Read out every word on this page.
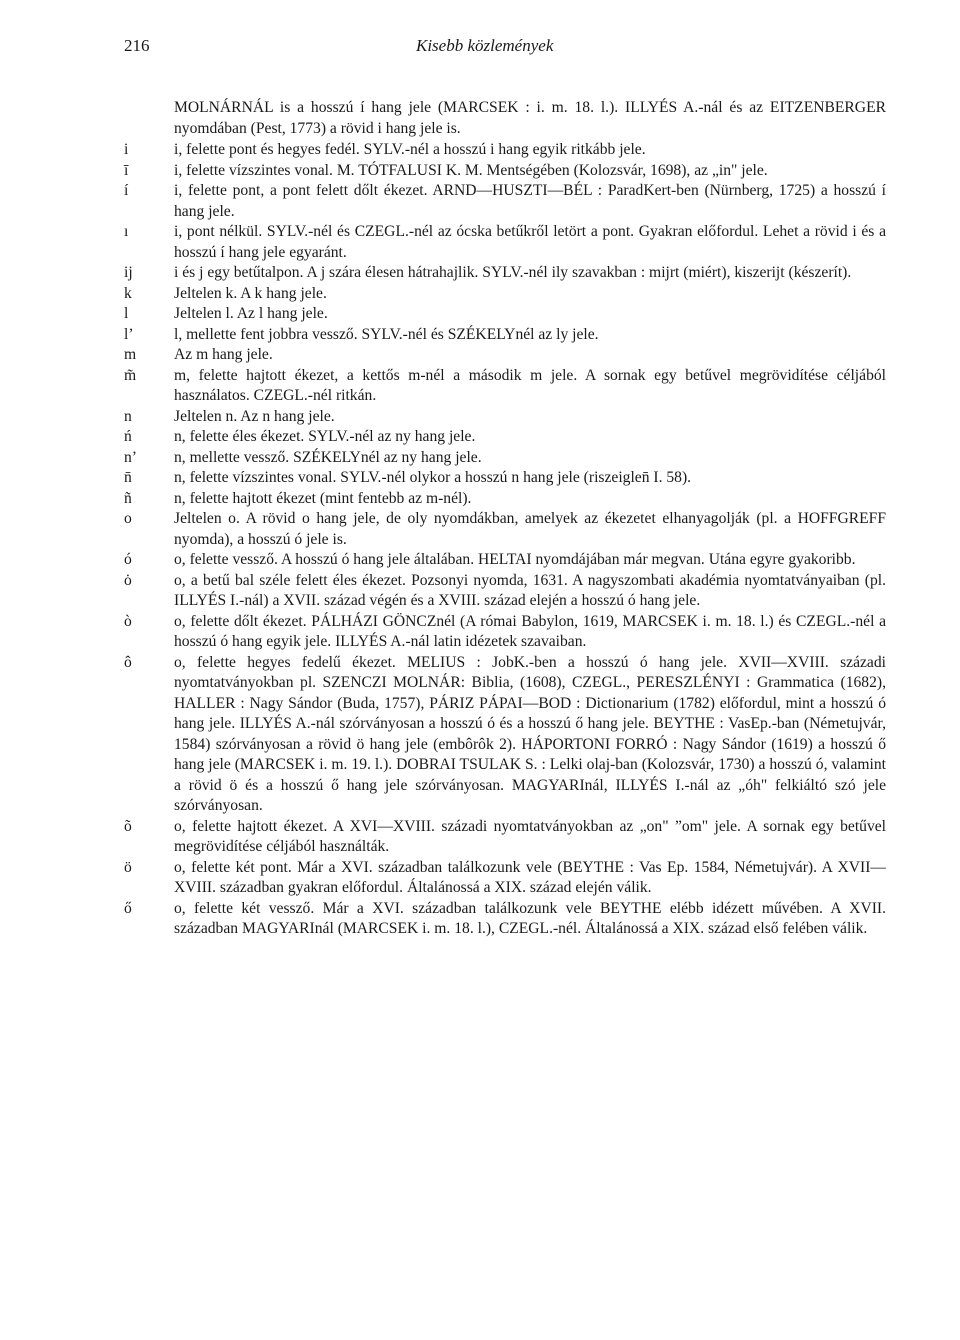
216	Kisebb közlemények
MOLNÁRNÁL is a hosszú í hang jele (MARCSEK : i. m. 18. l.). ILLYÉS A.-nál és az EITZENBERGER nyomdában (Pest, 1773) a rövid i hang jele is.
i	i, felette pont és hegyes fedél. SYLV.-nél a hosszú i hang egyik ritkább jele.
ī	i, felette vízszintes vonal. M. TÓTFALUSI K. M. Mentségében (Kolozsvár, 1698), az „in" jele.
í	i, felette pont, a pont felett dőlt ékezet. ARND—HUSZTI—BÉL : ParadKert-ben (Nürnberg, 1725) a hosszú í hang jele.
ı	i, pont nélkül. SYLV.-nél és CZEGL.-nél az ócska betűkről letört a pont. Gyakran előfordul. Lehet a rövid i és a hosszú í hang jele egyaránt.
ij	i és j egy betűtalpon. A j szára élesen hátrahajlik. SYLV.-nél ily szavakban : mijrt (miért), kiszerijt (készerít).
k	Jeltelen k. A k hang jele.
l	Jeltelen l. Az l hang jele.
l’	l, mellette fent jobbra vessző. SYLV.-nél és SZÉKELYnél az ly jele.
m	Az m hang jele.
m̃	m, felette hajtott ékezet, a kettős m-nél a második m jele. A sornak egy betűvel megrövidítése céljából használatos. CZEGL.-nél ritkán.
n	Jeltelen n. Az n hang jele.
ń	n, felette éles ékezet. SYLV.-nél az ny hang jele.
n’	n, mellette vessző. SZÉKELYnél az ny hang jele.
n̄	n, felette vízszintes vonal. SYLV.-nél olykor a hosszú n hang jele (riszeiglen̄ I. 58).
ñ	n, felette hajtott ékezet (mint fentebb az m-nél).
o	Jeltelen o. A rövid o hang jele, de oly nyomdákban, amelyek az ékezetet elhanyagolják (pl. a HOFFGREFF nyomda), a hosszú ó jele is.
ó	o, felette vessző. A hosszú ó hang jele általában. HELTAI nyomdájában már megvan. Utána egyre gyakoribb.
ȯ	o, a betű bal széle felett éles ékezet. Pozsonyi nyomda, 1631. A nagyszombati akadémia nyomtatványaiban (pl. ILLYÉS I.-nál) a XVII. század végén és a XVIII. század elején a hosszú ó hang jele.
ò	o, felette dőlt ékezet. PÁLHÁZI GÖNCZnél (A római Babylon, 1619, MARCSEK i. m. 18. l.) és CZEGL.-nél a hosszú ó hang egyik jele. ILLYÉS A.-nál latin idézetek szavaiban.
ô	o, felette hegyes fedelű ékezet. MELIUS : JobK.-ben a hosszú ó hang jele. XVII—XVIII. századi nyomtatványokban pl. SZENCZI MOLNÁR: Biblia, (1608), CZEGL., PERESZLÉNYI : Grammatica (1682), HALLER : Nagy Sándor (Buda, 1757), PÁRIZ PÁPAI—BOD : Dictionarium (1782) előfordul, mint a hosszú ó hang jele. ILLYÉS A.-nál szórványosan a hosszú ó és a hosszú ő hang jele. BEYTHE : VasEp.-ban (Németujvár, 1584) szórványosan a rövid ö hang jele (embôrôk 2). HÁPORTONI FORRÓ : Nagy Sándor (1619) a hosszú ő hang jele (MARCSEK i. m. 19. l.). DOBRAI TSULAK S. : Lelki olaj-ban (Kolozsvár, 1730) a hosszú ó, valamint a rövid ö és a hosszú ő hang jele szórványosan. MAGYARInál, ILLYÉS I.-nál az „óh" felkiáltó szó jele szórványosan.
õ	o, felette hajtott ékezet. A XVI—XVIII. századi nyomtatványokban az „on" ”om" jele. A sornak egy betűvel megrövidítése céljából használták.
ö	o, felette két pont. Már a XVI. században találkozunk vele (BEYTHE : Vas Ep. 1584, Németujvár). A XVII—XVIII. században gyakran előfordul. Általánossá a XIX. század elején válik.
ő	o, felette két vessző. Már a XVI. században találkozunk vele BEYTHE elébb idézett művében. A XVII. században MAGYARInál (MARCSEK i. m. 18. l.), CZEGL.-nél. Általánossá a XIX. század első felében válik.
